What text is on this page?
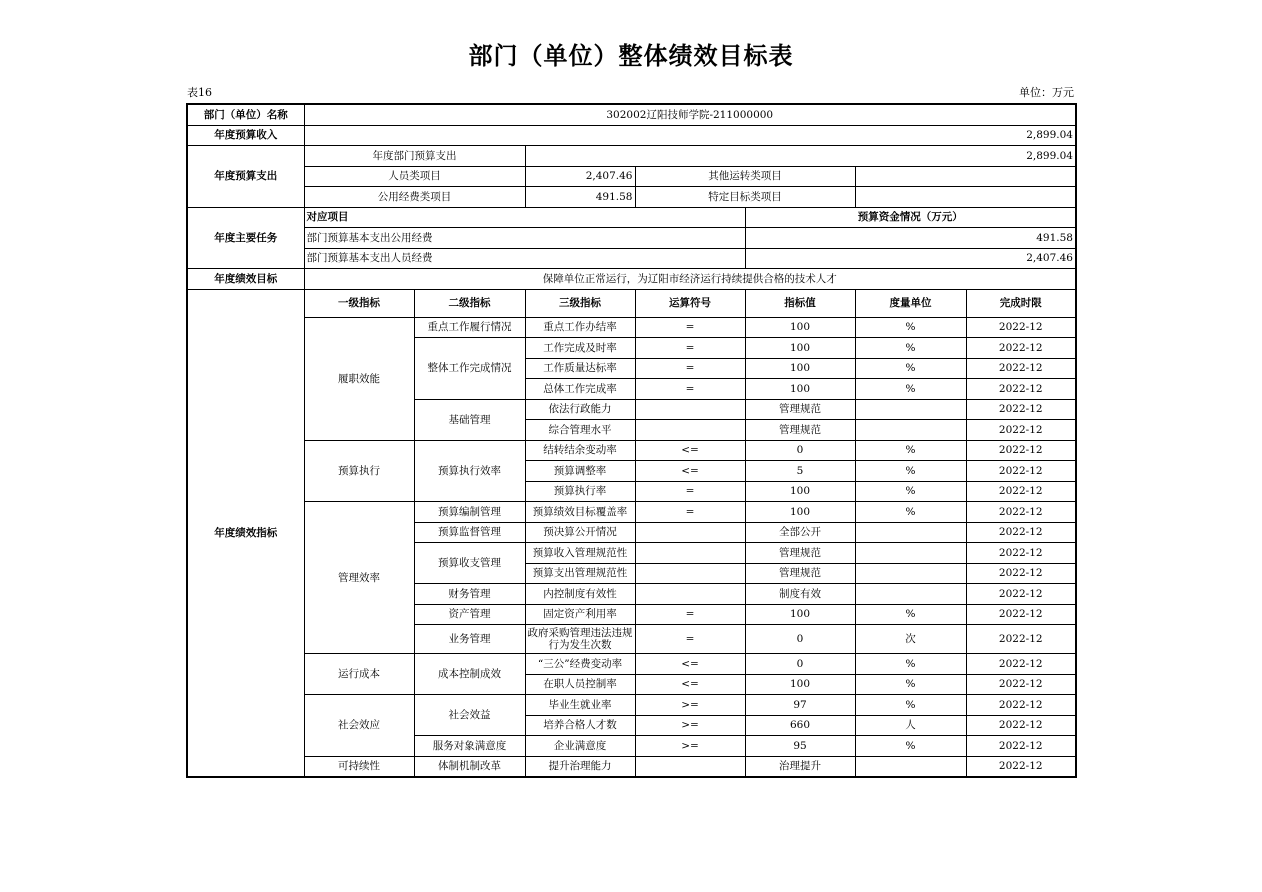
部门（单位）整体绩效目标表
表16	单位：万元
部门（单位）名称	302002辽阳技师学院-211000000						
年度预算收入	2,899.04						
年度预算支出	年度部门预算支出		2,899.04				
	人员类项目		2,407.46	其他运转类项目			
	公用经费类项目		491.58	特定目标类项目			
年度主要任务	对应项目				预算资金情况（万元）		
	部门预算基本支出公用经费				491.58		
	部门预算基本支出人员经费				2,407.46		
年度绩效目标	保障单位正常运行，为辽阳市经济运行持续提供合格的技术人才						
年度绩效指标	一级指标	二级指标	三级指标	运算符号	指标值	度量单位	完成时限
	履职效能	重点工作履行情况	重点工作办结率	=	100	%	2022-12
		整体工作完成情况	工作完成及时率	=	100	%	2022-12
			工作质量达标率	=	100	%	2022-12
			总体工作完成率	=	100	%	2022-12
		基础管理	依法行政能力		管理规范		2022-12
			综合管理水平		管理规范		2022-12
	预算执行	预算执行效率	结转结余变动率	<=	0	%	2022-12
			预算调整率	<=	5	%	2022-12
			预算执行率	=	100	%	2022-12
	管理效率	预算编制管理	预算绩效目标覆盖率	=	100	%	2022-12
		预算监督管理	预决算公开情况		全部公开		2022-12
		预算收支管理	预算收入管理规范性		管理规范		2022-12
			预算支出管理规范性		管理规范		2022-12
		财务管理	内控制度有效性		制度有效		2022-12
		资产管理	固定资产利用率	=	100	%	2022-12
		业务管理	政府采购管理违法违规行为发生次数	=	0	次	2022-12
	运行成本	成本控制成效	“三公”经费变动率	<=	0	%	2022-12
			在职人员控制率	<=	100	%	2022-12
	社会效应	社会效益	毕业生就业率	>=	97	%	2022-12
			培养合格人才数	>=	660	人	2022-12
		服务对象满意度	企业满意度	>=	95	%	2022-12
	可持续性	体制机制改革	提升治理能力		治理提升		2022-12
